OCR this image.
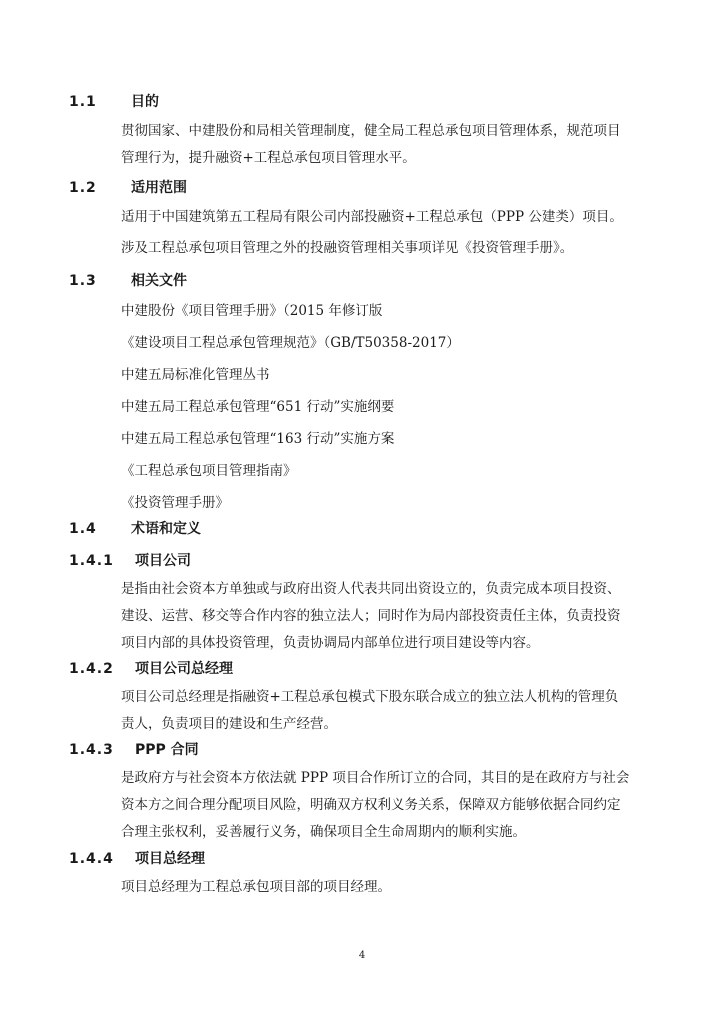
1.1 目的
贯彻国家、中建股份和局相关管理制度，健全局工程总承包项目管理体系，规范项目
管理行为，提升融资+工程总承包项目管理水平。
1.2 适用范围
适用于中国建筑第五工程局有限公司内部投融资+工程总承包（PPP 公建类）项目。
涉及工程总承包项目管理之外的投融资管理相关事项详见《投资管理手册》。
1.3 相关文件
中建股份《项目管理手册》（2015 年修订版
《建设项目工程总承包管理规范》（GB/T50358-2017）
中建五局标准化管理丛书
中建五局工程总承包管理“651 行动”实施纲要
中建五局工程总承包管理“163 行动”实施方案
《工程总承包项目管理指南》
《投资管理手册》
1.4 术语和定义
1.4.1 项目公司
是指由社会资本方单独或与政府出资人代表共同出资设立的，负责完成本项目投资、
建设、运营、移交等合作内容的独立法人；同时作为局内部投资责任主体，负责投资
项目内部的具体投资管理，负责协调局内部单位进行项目建设等内容。
1.4.2 项目公司总经理
项目公司总经理是指融资+工程总承包模式下股东联合成立的独立法人机构的管理负
责人，负责项目的建设和生产经营。
1.4.3 PPP 合同
是政府方与社会资本方依法就 PPP 项目合作所订立的合同，其目的是在政府方与社会
资本方之间合理分配项目风险，明确双方权利义务关系，保障双方能够依据合同约定
合理主张权利，妥善履行义务，确保项目全生命周期内的顺利实施。
1.4.4 项目总经理
项目总经理为工程总承包项目部的项目经理。
4
